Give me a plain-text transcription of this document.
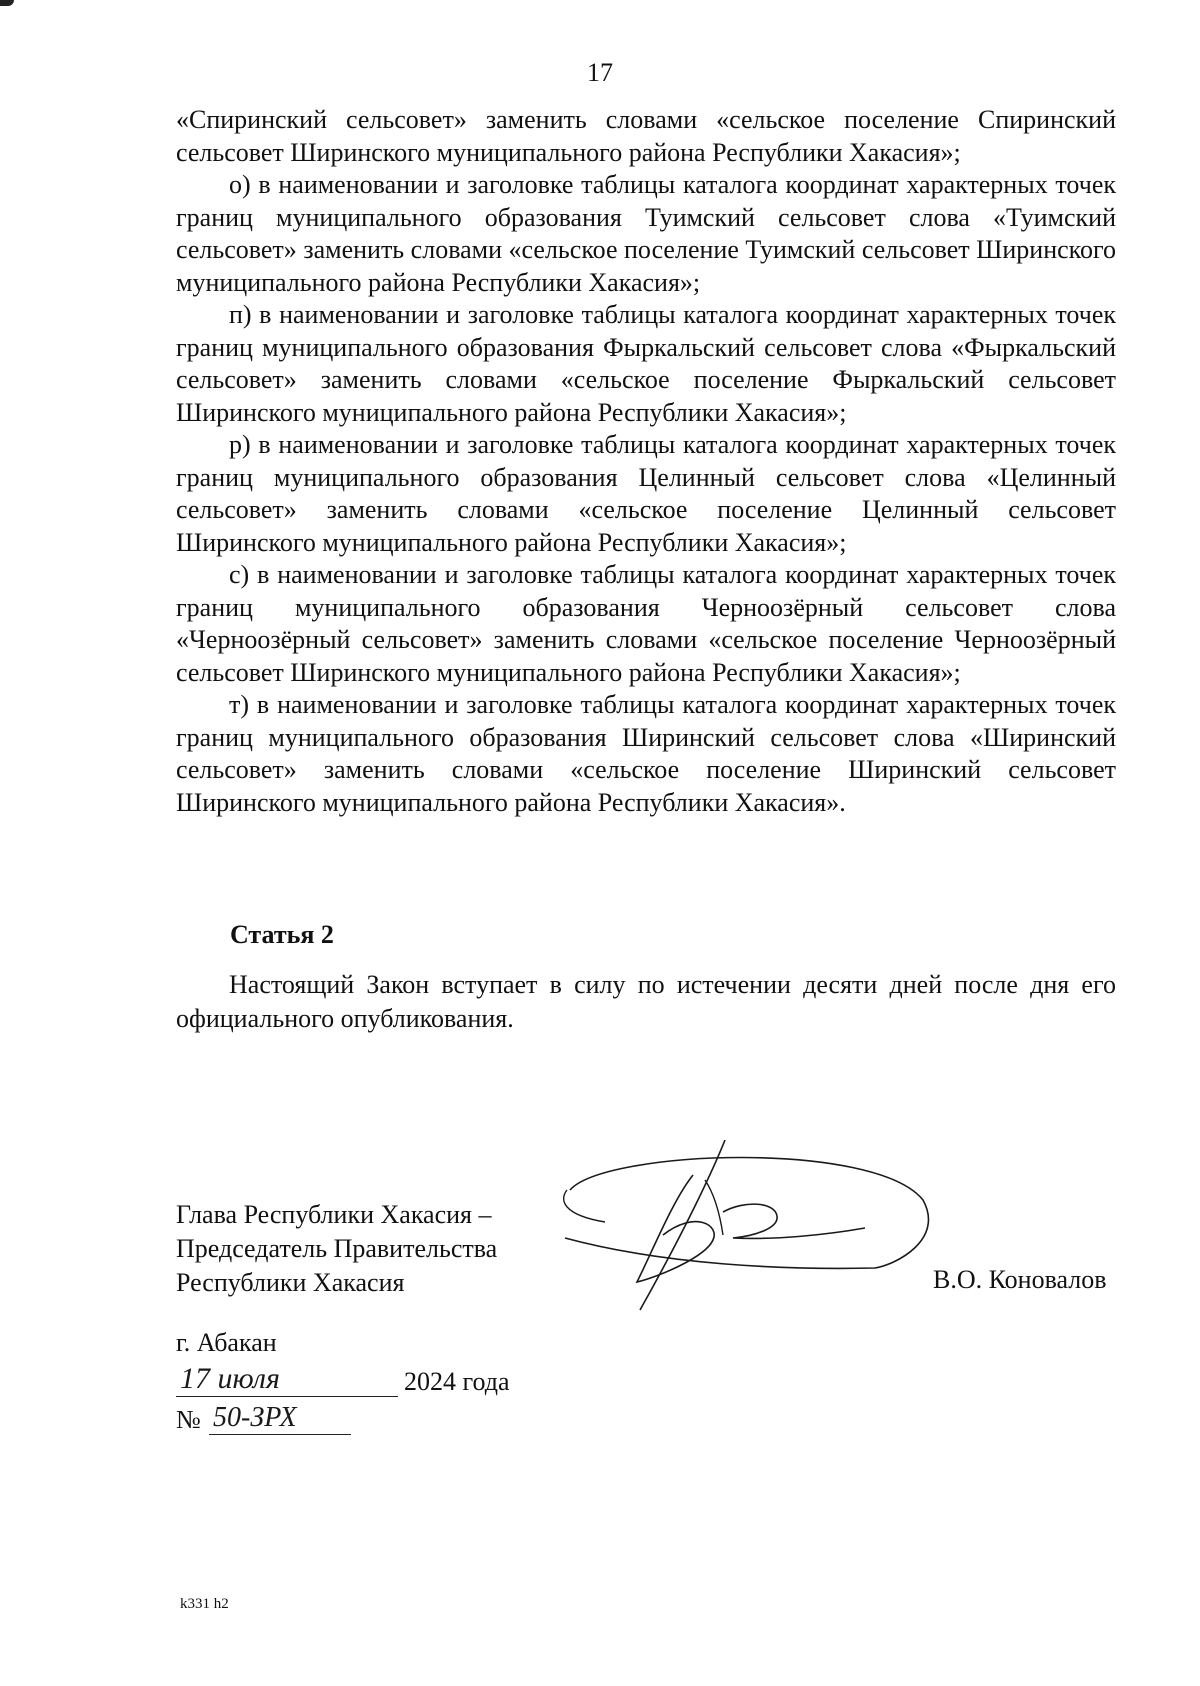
17

«Спиринский сельсовет» заменить словами «сельское поселение Спиринский сельсовет Ширинского муниципального района Республики Хакасия»;

о) в наименовании и заголовке таблицы каталога координат характерных точек границ муниципального образования Туимский сельсовет слова «Туимский сельсовет» заменить словами «сельское поселение Туимский сельсовет Ширинского муниципального района Республики Хакасия»;

п) в наименовании и заголовке таблицы каталога координат характерных точек границ муниципального образования Фыркальский сельсовет слова «Фыркальский сельсовет» заменить словами «сельское поселение Фыркальский сельсовет Ширинского муниципального района Республики Хакасия»;

р) в наименовании и заголовке таблицы каталога координат характерных точек границ муниципального образования Целинный сельсовет слова «Целинный сельсовет» заменить словами «сельское поселение Целинный сельсовет Ширинского муниципального района Республики Хакасия»;

с) в наименовании и заголовке таблицы каталога координат характерных точек границ муниципального образования Черноозёрный сельсовет слова «Черноозёрный сельсовет» заменить словами «сельское поселение Черноозёрный сельсовет Ширинского муниципального района Республики Хакасия»;

т) в наименовании и заголовке таблицы каталога координат характерных точек границ муниципального образования Ширинский сельсовет слова «Ширинский сельсовет» заменить словами «сельское поселение Ширинский сельсовет Ширинского муниципального района Республики Хакасия».

Статья 2

Настоящий Закон вступает в силу по истечении десяти дней после дня его официального опубликования.

Глава Республики Хакасия –
Председатель Правительства
Республики Хакасия	В.О. Коновалов
г. Абакан
17 июля	2024 года
№ 50-ЗРХ
k331 h2
